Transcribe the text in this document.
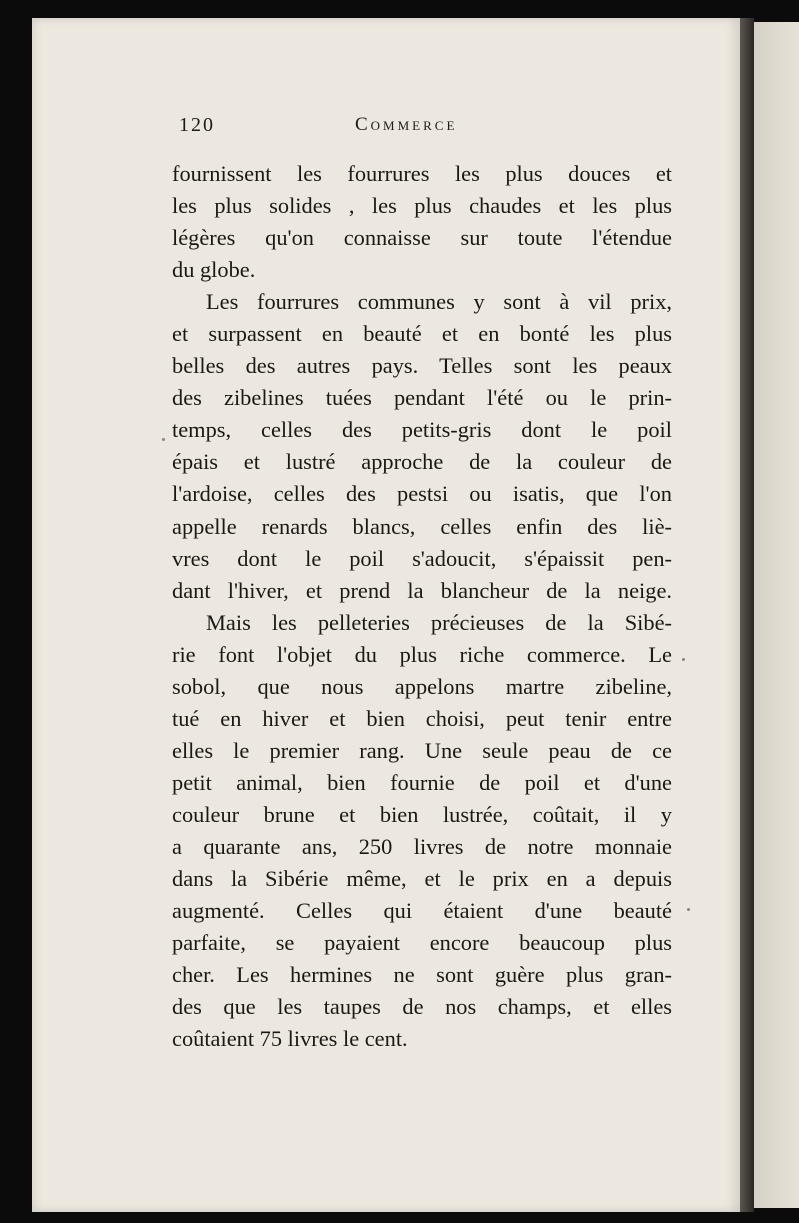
120	Commerce
fournissent les fourrures les plus douces et
les plus solides , les plus chaudes et les plus
légères qu'on connaisse sur toute l'étendue
du globe.
Les fourrures communes y sont à vil prix,
et surpassent en beauté et en bonté les plus
belles des autres pays. Telles sont les peaux
des zibelines tuées pendant l'été ou le prin-
temps, celles des petits-gris dont le poil
épais et lustré approche de la couleur de
l'ardoise, celles des pestsi ou isatis, que l'on
appelle renards blancs, celles enfin des liè-
vres dont le poil s'adoucit, s'épaissit pen-
dant l'hiver, et prend la blancheur de la neige.
Mais les pelleteries précieuses de la Sibé-
rie font l'objet du plus riche commerce. Le
sobol, que nous appelons martre zibeline,
tué en hiver et bien choisi, peut tenir entre
elles le premier rang. Une seule peau de ce
petit animal, bien fournie de poil et d'une
couleur brune et bien lustrée, coûtait, il y
a quarante ans, 250 livres de notre monnaie
dans la Sibérie même, et le prix en a depuis
augmenté. Celles qui étaient d'une beauté
parfaite, se payaient encore beaucoup plus
cher. Les hermines ne sont guère plus gran-
des que les taupes de nos champs, et elles
coûtaient 75 livres le cent.
